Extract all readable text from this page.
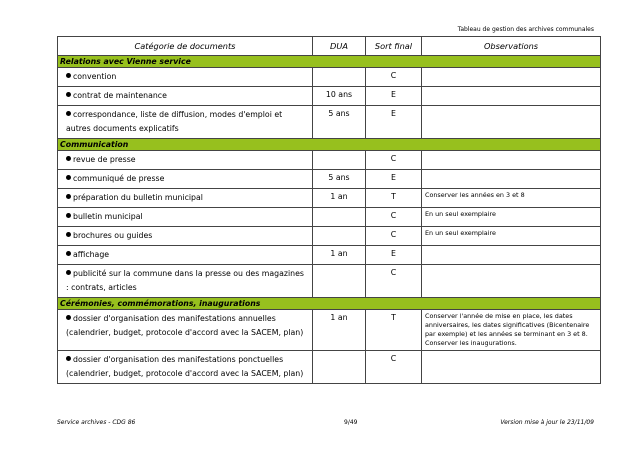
Tableau de gestion des archives communales
Catégorie de documents	DUA	Sort final	Observations
Relations avec Vienne service			
convention		C	
contrat de maintenance	10 ans	E	
correspondance, liste de diffusion, modes d'emploi et autres documents explicatifs	5 ans	E	
Communication			
revue de presse		C	
communiqué de presse	5 ans	E	
préparation du bulletin municipal	1 an	T	Conserver les années en 3 et 8
bulletin municipal		C	En un seul exemplaire
brochures ou guides		C	En un seul exemplaire
affichage	1 an	E	
publicité sur la commune dans la presse ou des magazines : contrats, articles		C	
Cérémonies, commémorations, inaugurations			
dossier d'organisation des manifestations annuelles (calendrier, budget, protocole d'accord avec la SACEM, plan)	1 an	T	Conserver l'année de mise en place, les dates anniversaires, les dates significatives (Bicentenaire par exemple) et les années se terminant en 3 et 8.
Conserver les inaugurations.
dossier d'organisation des manifestations ponctuelles (calendrier, budget, protocole d'accord avec la SACEM, plan)		C	
Service archives - CDG 86	9/49	Version mise à jour le 23/11/09
